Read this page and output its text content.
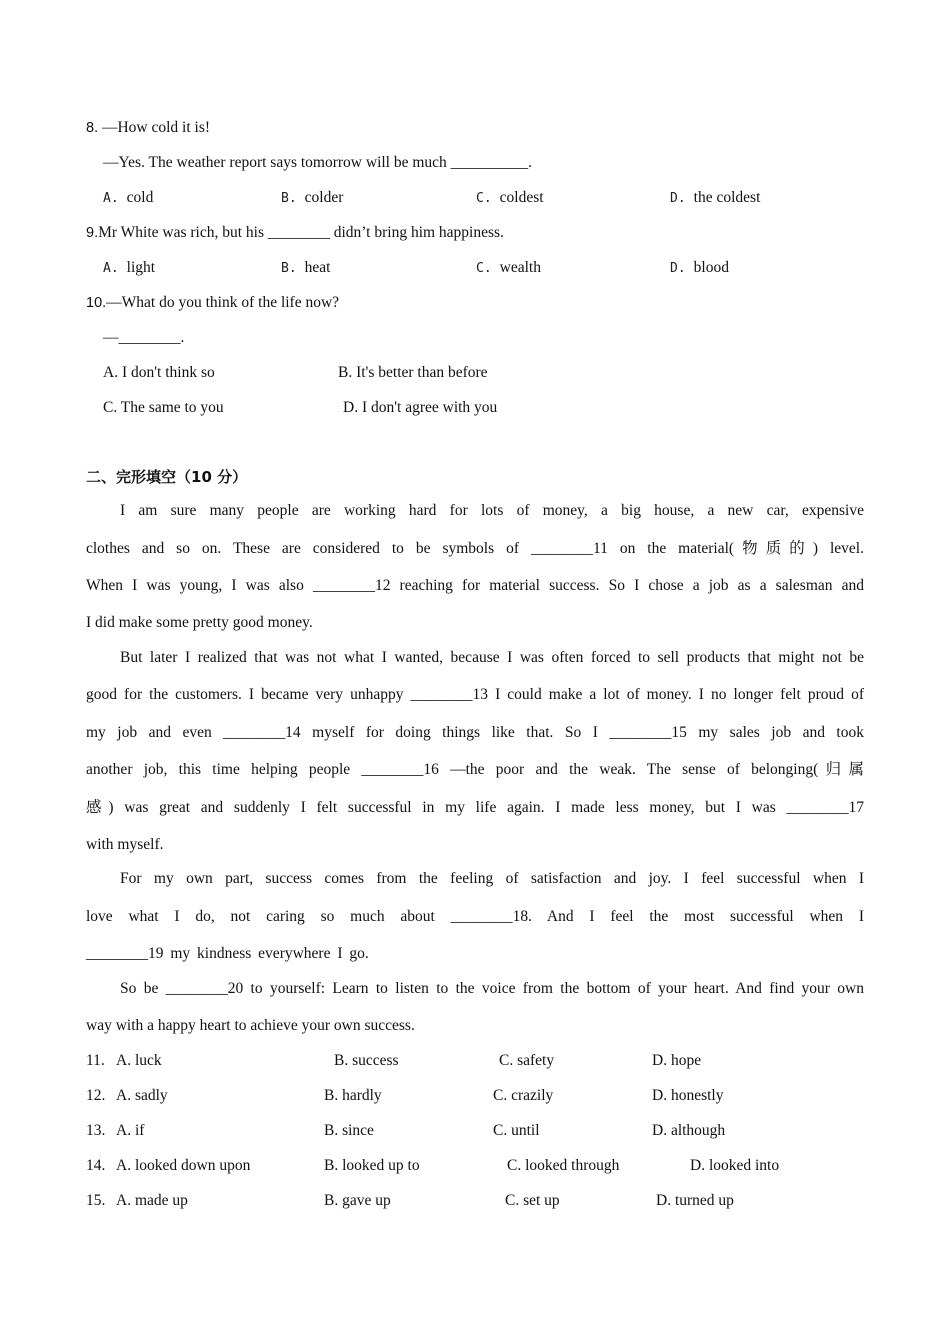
8. —How cold it is!
—Yes. The weather report says tomorrow will be much __________.
A. cold	B. colder	C. coldest	D. the coldest
9.Mr White was rich, but his ________ didn’t bring him happiness.
A. light	B. heat	C. wealth	D. blood
10.—What do you think of the life now?
—________.
A. I don't think so	B. It's better than before
C. The same to you	D. I don't agree with you
二、完形填空（10 分）
I am sure many people are working hard for lots of money, a big house, a new car, expensive
clothes and so on. These are considered to be symbols of ________11 on the material(物质的) level.
When I was young, I was also ________12 reaching for material success. So I chose a job as a salesman and
I did make some pretty good money.
But later I realized that was not what I wanted, because I was often forced to sell products that might not be
good for the customers. I became very unhappy ________13 I could make a lot of money. I no longer felt proud of
my job and even ________14 myself for doing things like that. So I ________15 my sales job and took
another job, this time helping people ________16 —the poor and the weak. The sense of belonging(归属
感) was great and suddenly I felt successful in my life again. I made less money, but I was ________17
with myself.
For my own part, success comes from the feeling of satisfaction and joy. I feel successful when I
love what I do, not caring so much about ________18. And I feel the most successful when I
________19 my kindness everywhere I go.
So be ________20 to yourself: Learn to listen to the voice from the bottom of your heart. And find your own
way with a happy heart to achieve your own success.
11. A. luck	B. success	C. safety	D. hope
12. A. sadly	B. hardly	C. crazily	D. honestly
13. A. if	B. since	C. until	D. although
14. A. looked down upon	B. looked up to	C. looked through	D. looked into
15. A. made up	B. gave up	C. set up	D. turned up
